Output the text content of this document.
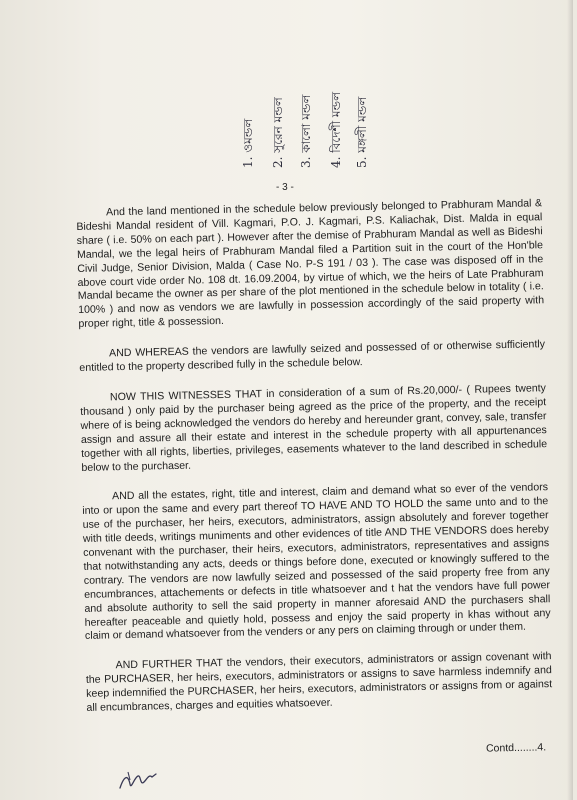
1. ওমন্ডল
2. সুরেন মন্ডল
3. কালো মন্ডল
4. বিদেশী মন্ডল
5. মঙ্গলী মন্ডল
- 3 -

And the land mentioned in the schedule below previously belonged to Prabhuram Mandal & Bideshi Mandal resident of Vill. Kagmari, P.O. J. Kagmari, P.S. Kaliachak, Dist. Malda in equal share ( i.e. 50% on each part ). However after the demise of Prabhuram Mandal as well as Bideshi Mandal, we the legal heirs of Prabhuram Mandal filed a Partition suit in the court of the Hon'ble Civil Judge, Senior Division, Malda ( Case No. P-S 191 / 03 ). The case was disposed off in the above court vide order No. 108 dt. 16.09.2004, by virtue of which, we the heirs of Late Prabhuram Mandal became the owner as per share of the plot mentioned in the schedule below in totality ( i.e. 100% ) and now as vendors we are lawfully in possession accordingly of the said property with proper right, title & possession.

AND WHEREAS the vendors are lawfully seized and possessed of or otherwise sufficiently entitled to the property described fully in the schedule below.

NOW THIS WITNESSES THAT in consideration of a sum of Rs.20,000/- ( Rupees twenty thousand ) only paid by the purchaser being agreed as the price of the property, and the receipt where of is being acknowledged the vendors do hereby and hereunder grant, convey, sale, transfer assign and assure all their estate and interest in the schedule property with all appurtenances together with all rights, liberties, privileges, easements whatever to the land described in schedule below to the purchaser.

AND all the estates, right, title and interest, claim and demand what so ever of the vendors into or upon the same and every part thereof TO HAVE AND TO HOLD the same unto and to the use of the purchaser, her heirs, executors, administrators, assign absolutely and forever together with title deeds, writings muniments and other evidences of title AND THE VENDORS does hereby convenant with the purchaser, their heirs, executors, administrators, representatives and assigns that notwithstanding any acts, deeds or things before done, executed or knowingly suffered to the contrary. The vendors are now lawfully seized and possessed of the said property free from any encumbrances, attachements or defects in title whatsoever and t hat the vendors have full power and absolute authority to sell the said property in manner aforesaid AND the purchasers shall hereafter peaceable and quietly hold, possess and enjoy the said property in khas without any claim or demand whatsoever from the venders or any pers on claiming through or under them.

AND FURTHER THAT the vendors, their executors, administrators or assign covenant with the PURCHASER, her heirs, executors, administrators or assigns to save harmless indemnify and keep indemnified the PURCHASER, her heirs, executors, administrators or assigns from or against all encumbrances, charges and equities whatsoever.

Contd........4.
